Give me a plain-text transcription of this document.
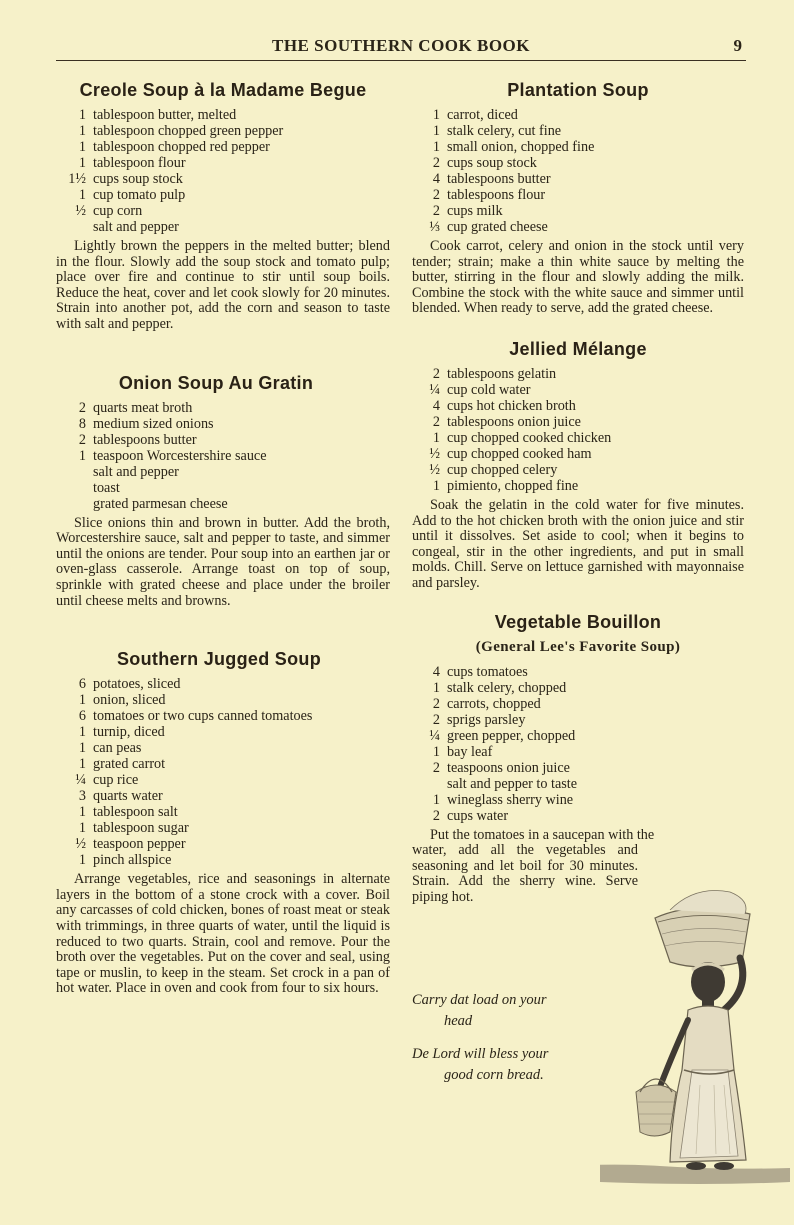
THE SOUTHERN COOK BOOK	9
Creole Soup à la Madame Begue
1 tablespoon butter, melted
1 tablespoon chopped green pepper
1 tablespoon chopped red pepper
1 tablespoon flour
1½ cups soup stock
1 cup tomato pulp
½ cup corn
salt and pepper

Lightly brown the peppers in the melted butter; blend in the flour. Slowly add the soup stock and tomato pulp; place over fire and continue to stir until soup boils. Reduce the heat, cover and let cook slowly for 20 minutes. Strain into another pot, add the corn and season to taste with salt and pepper.

Onion Soup Au Gratin
2 quarts meat broth
8 medium sized onions
2 tablespoons butter
1 teaspoon Worcestershire sauce
salt and pepper
toast
grated parmesan cheese

Slice onions thin and brown in butter. Add the broth, Worcestershire sauce, salt and pepper to taste, and simmer until the onions are tender. Pour soup into an earthen jar or oven-glass casserole. Arrange toast on top of soup, sprinkle with grated cheese and place under the broiler until cheese melts and browns.

Southern Jugged Soup
6 potatoes, sliced
1 onion, sliced
6 tomatoes or two cups canned tomatoes
1 turnip, diced
1 can peas
1 grated carrot
¼ cup rice
3 quarts water
1 tablespoon salt
1 tablespoon sugar
½ teaspoon pepper
1 pinch allspice

Arrange vegetables, rice and seasonings in alternate layers in the bottom of a stone crock with a cover. Boil any carcasses of cold chicken, bones of roast meat or steak with trimmings, in three quarts of water, until the liquid is reduced to two quarts. Strain, cool and remove. Pour the broth over the vegetables. Put on the cover and seal, using tape or muslin, to keep in the steam. Set crock in a pan of hot water. Place in oven and cook from four to six hours.

Plantation Soup
1 carrot, diced
1 stalk celery, cut fine
1 small onion, chopped fine
2 cups soup stock
4 tablespoons butter
2 tablespoons flour
2 cups milk
⅓ cup grated cheese

Cook carrot, celery and onion in the stock until very tender; strain; make a thin white sauce by melting the butter, stirring in the flour and slowly adding the milk. Combine the stock with the white sauce and simmer until blended. When ready to serve, add the grated cheese.

Jellied Mélange
2 tablespoons gelatin
¼ cup cold water
4 cups hot chicken broth
2 tablespoons onion juice
1 cup chopped cooked chicken
½ cup chopped cooked ham
½ cup chopped celery
1 pimiento, chopped fine

Soak the gelatin in the cold water for five minutes. Add to the hot chicken broth with the onion juice and stir until it dissolves. Set aside to cool; when it begins to congeal, stir in the other ingredients, and put in small molds. Chill. Serve on lettuce garnished with mayonnaise and parsley.

Vegetable Bouillon
(General Lee's Favorite Soup)
4 cups tomatoes
1 stalk celery, chopped
2 carrots, chopped
2 sprigs parsley
¼ green pepper, chopped
1 bay leaf
2 teaspoons onion juice
salt and pepper to taste
1 wineglass sherry wine
2 cups water

Put the tomatoes in a saucepan with the

water, add all the vegetables and seasoning and let boil for 30 minutes. Strain. Add the sherry wine. Serve piping hot.

Carry dat load on your
head
De Lord will bless your
good corn bread.
